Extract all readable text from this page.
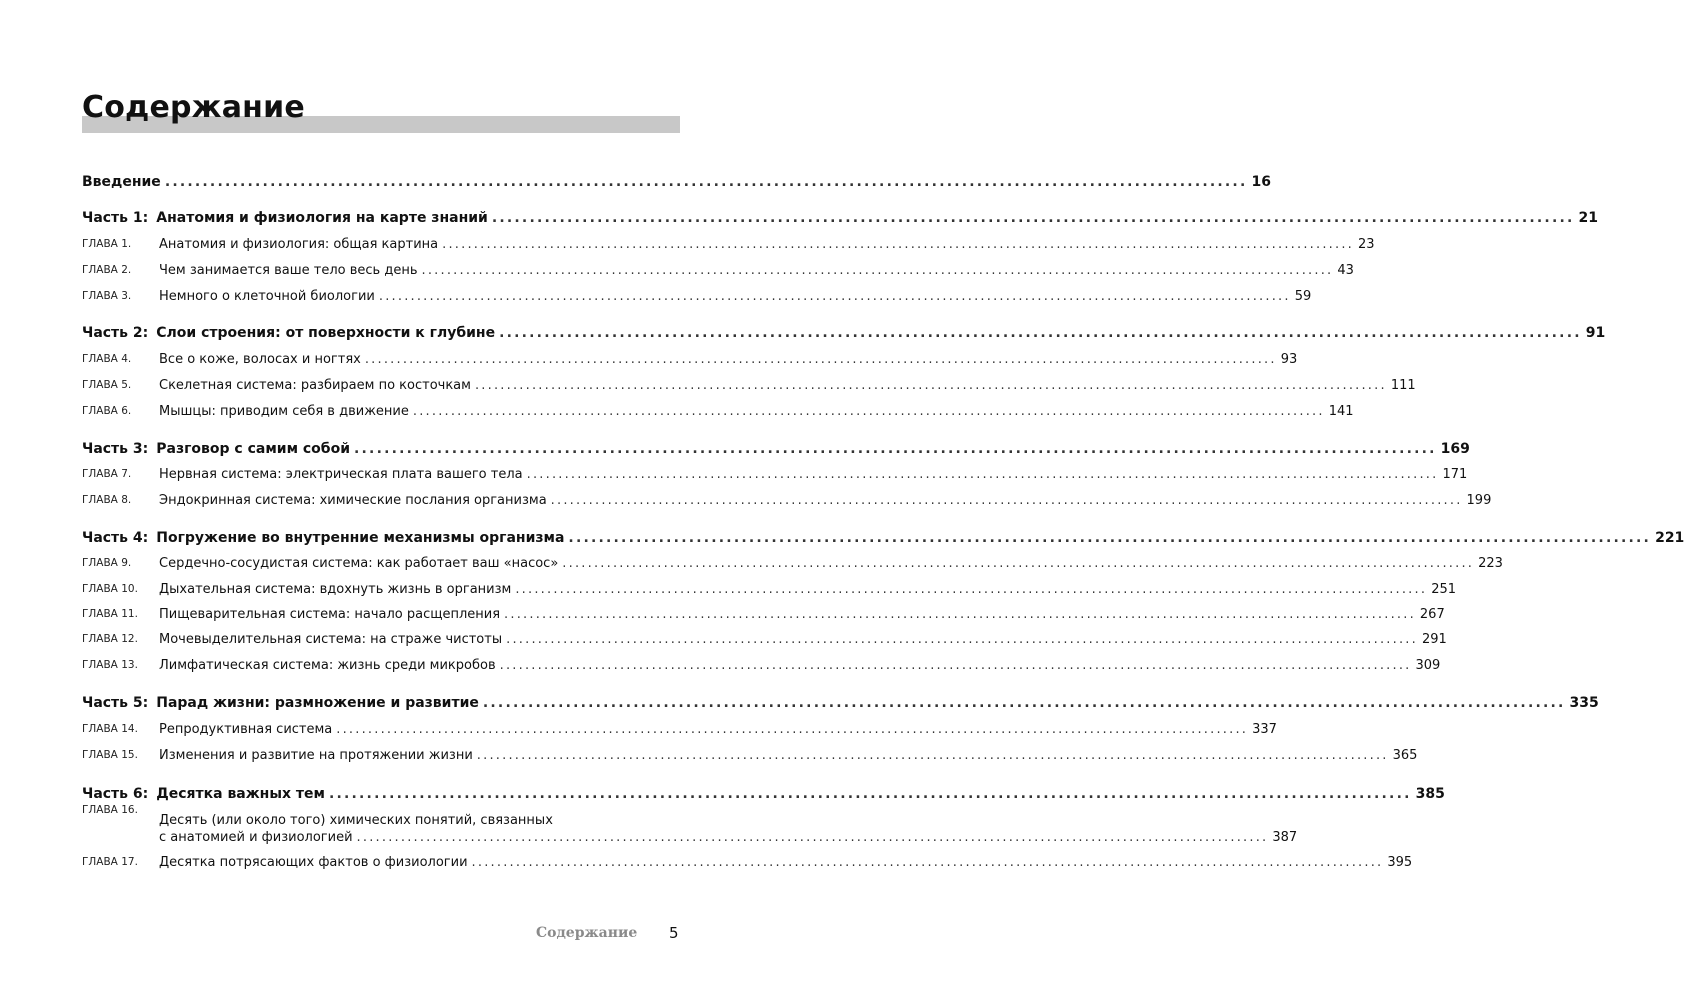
Содержание
Введение ................................................................................................................................................ 16
Часть 1: Анатомия и физиология на карте знаний ................................................................................................................................................ 21
ГЛАВА 1.	Анатомия и физиология: общая картина ................................................................................................................................................ 23
ГЛАВА 2.	Чем занимается ваше тело весь день ................................................................................................................................................ 43
ГЛАВА 3.	Немного о клеточной биологии ................................................................................................................................................ 59
Часть 2: Слои строения: от поверхности к глубине ................................................................................................................................................ 91
ГЛАВА 4.	Все о коже, волосах и ногтях ................................................................................................................................................ 93
ГЛАВА 5.	Скелетная система: разбираем по косточкам ................................................................................................................................................ 111
ГЛАВА 6.	Мышцы: приводим себя в движение ................................................................................................................................................ 141
Часть 3: Разговор с самим собой ................................................................................................................................................ 169
ГЛАВА 7.	Нервная система: электрическая плата вашего тела ................................................................................................................................................ 171
ГЛАВА 8.	Эндокринная система: химические послания организма ................................................................................................................................................ 199
Часть 4: Погружение во внутренние механизмы организма ................................................................................................................................................ 221
ГЛАВА 9.	Сердечно-сосудистая система: как работает ваш «насос» ................................................................................................................................................ 223
ГЛАВА 10.	Дыхательная система: вдохнуть жизнь в организм ................................................................................................................................................ 251
ГЛАВА 11.	Пищеварительная система: начало расщепления ................................................................................................................................................ 267
ГЛАВА 12.	Мочевыделительная система: на страже чистоты ................................................................................................................................................ 291
ГЛАВА 13.	Лимфатическая система: жизнь среди микробов ................................................................................................................................................ 309
Часть 5: Парад жизни: размножение и развитие ................................................................................................................................................ 335
ГЛАВА 14.	Репродуктивная система ................................................................................................................................................ 337
ГЛАВА 15.	Изменения и развитие на протяжении жизни ................................................................................................................................................ 365
Часть 6: Десятка важных тем ................................................................................................................................................ 385
ГЛАВА 16.
Десять (или около того) химических понятий, связанных
с анатомией и физиологией ................................................................................................................................................ 387
ГЛАВА 17.	Десятка потрясающих фактов о физиологии ................................................................................................................................................ 395
Содержание 5
